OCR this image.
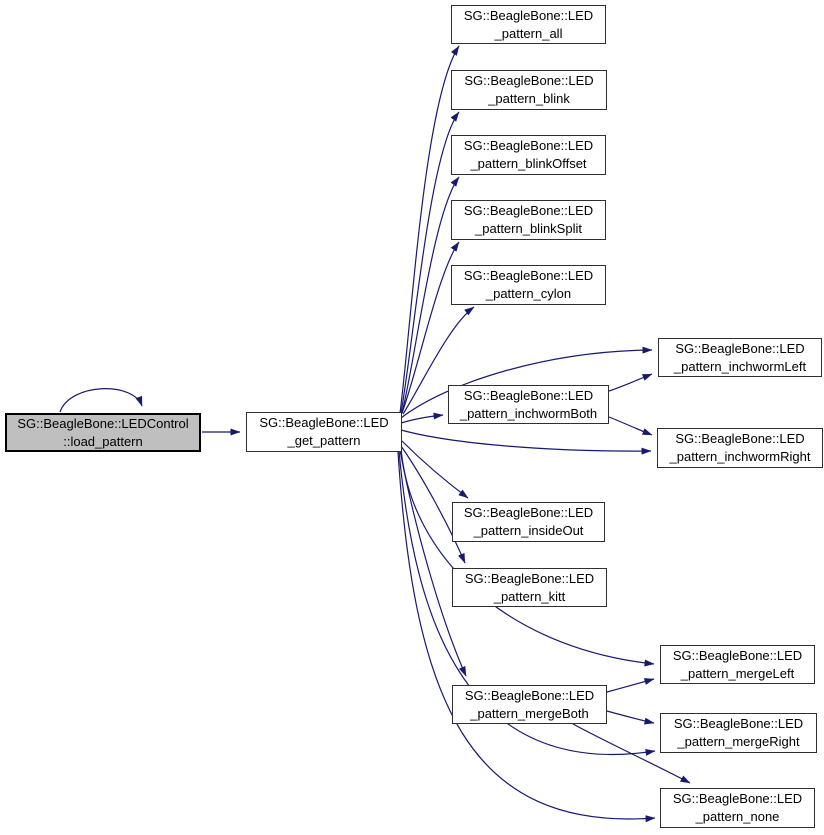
SG::BeagleBone::LEDControl
::load_pattern
SG::BeagleBone::LED
_get_pattern
SG::BeagleBone::LED
_pattern_all
SG::BeagleBone::LED
_pattern_blink
SG::BeagleBone::LED
_pattern_blinkOffset
SG::BeagleBone::LED
_pattern_blinkSplit
SG::BeagleBone::LED
_pattern_cylon
SG::BeagleBone::LED
_pattern_inchwormLeft
SG::BeagleBone::LED
_pattern_inchwormBoth
SG::BeagleBone::LED
_pattern_inchwormRight
SG::BeagleBone::LED
_pattern_insideOut
SG::BeagleBone::LED
_pattern_kitt
SG::BeagleBone::LED
_pattern_mergeLeft
SG::BeagleBone::LED
_pattern_mergeBoth
SG::BeagleBone::LED
_pattern_mergeRight
SG::BeagleBone::LED
_pattern_none
